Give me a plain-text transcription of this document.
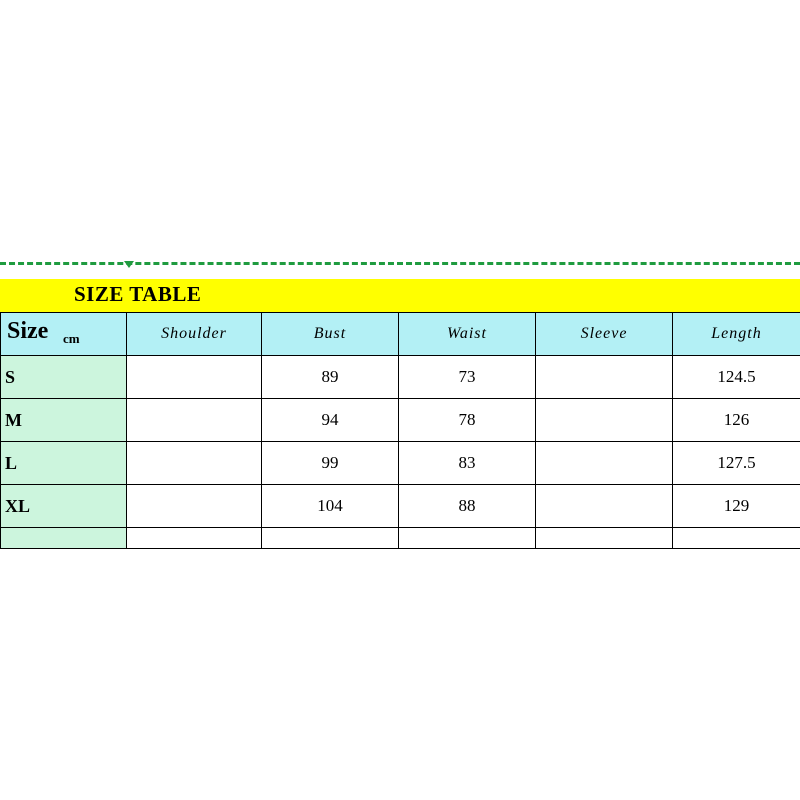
SIZE TABLE
Size cm	Shoulder	Bust	Waist	Sleeve	Length
S		89	73		124.5
M		94	78		126
L		99	83		127.5
XL		104	88		129
